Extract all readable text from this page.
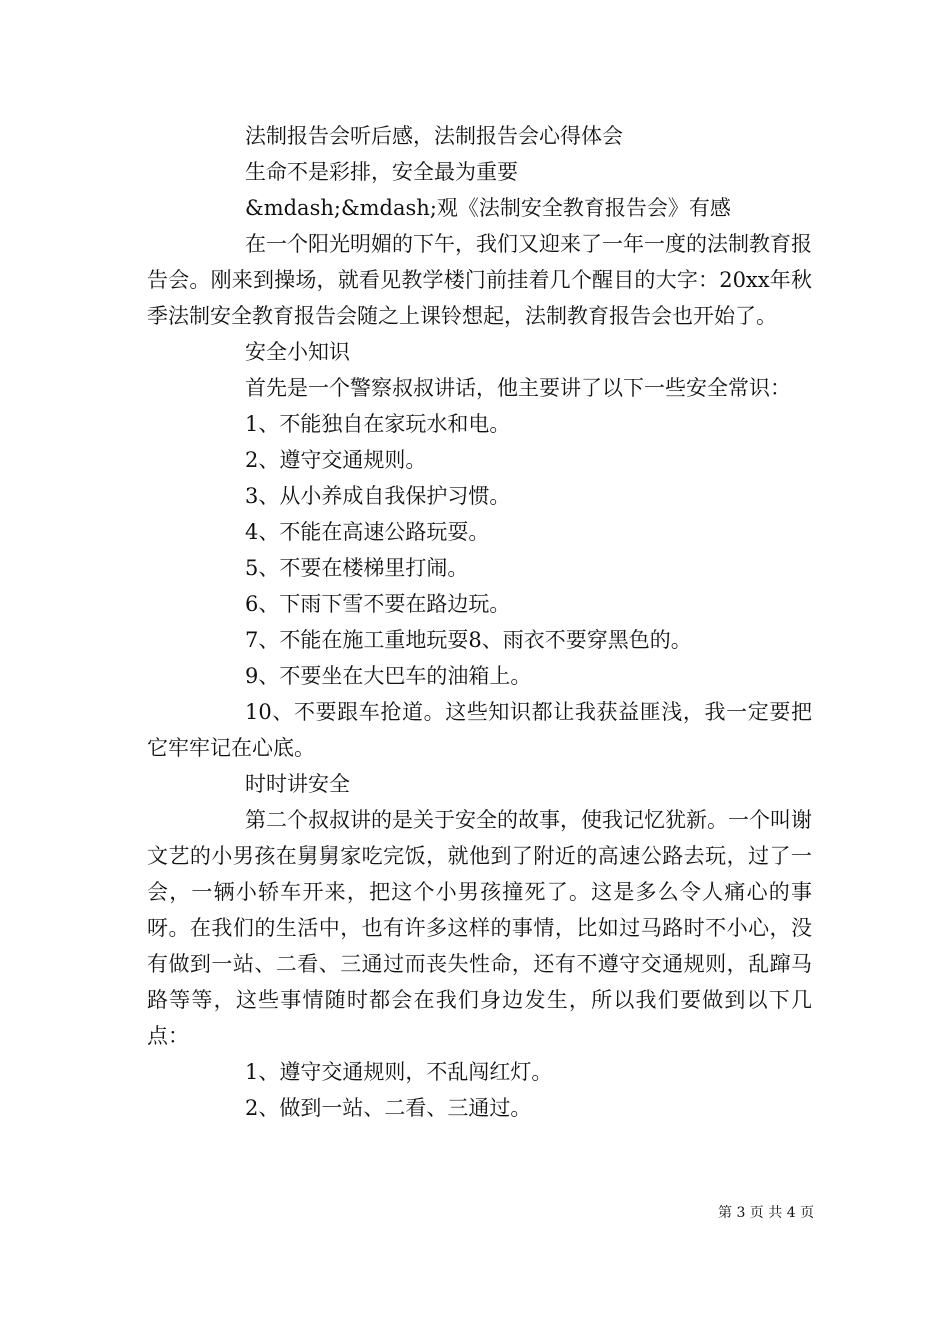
法制报告会听后感，法制报告会心得体会

生命不是彩排，安全最为重要

&mdash;&mdash;观《法制安全教育报告会》有感

在一个阳光明媚的下午，我们又迎来了一年一度的法制教育报告会。刚来到操场，就看见教学楼门前挂着几个醒目的大字：20xx年秋季法制安全教育报告会随之上课铃想起，法制教育报告会也开始了。

安全小知识

首先是一个警察叔叔讲话，他主要讲了以下一些安全常识：

1、不能独自在家玩水和电。

2、遵守交通规则。

3、从小养成自我保护习惯。

4、不能在高速公路玩耍。

5、不要在楼梯里打闹。

6、下雨下雪不要在路边玩。

7、不能在施工重地玩耍8、雨衣不要穿黑色的。

9、不要坐在大巴车的油箱上。

10、不要跟车抢道。这些知识都让我获益匪浅，我一定要把它牢牢记在心底。

时时讲安全

第二个叔叔讲的是关于安全的故事，使我记忆犹新。一个叫谢文艺的小男孩在舅舅家吃完饭，就他到了附近的高速公路去玩，过了一会，一辆小轿车开来，把这个小男孩撞死了。这是多么令人痛心的事呀。在我们的生活中，也有许多这样的事情，比如过马路时不小心，没有做到一站、二看、三通过而丧失性命，还有不遵守交通规则，乱蹿马路等等，这些事情随时都会在我们身边发生，所以我们要做到以下几点：

1、遵守交通规则，不乱闯红灯。

2、做到一站、二看、三通过。

第 3 页 共 4 页
